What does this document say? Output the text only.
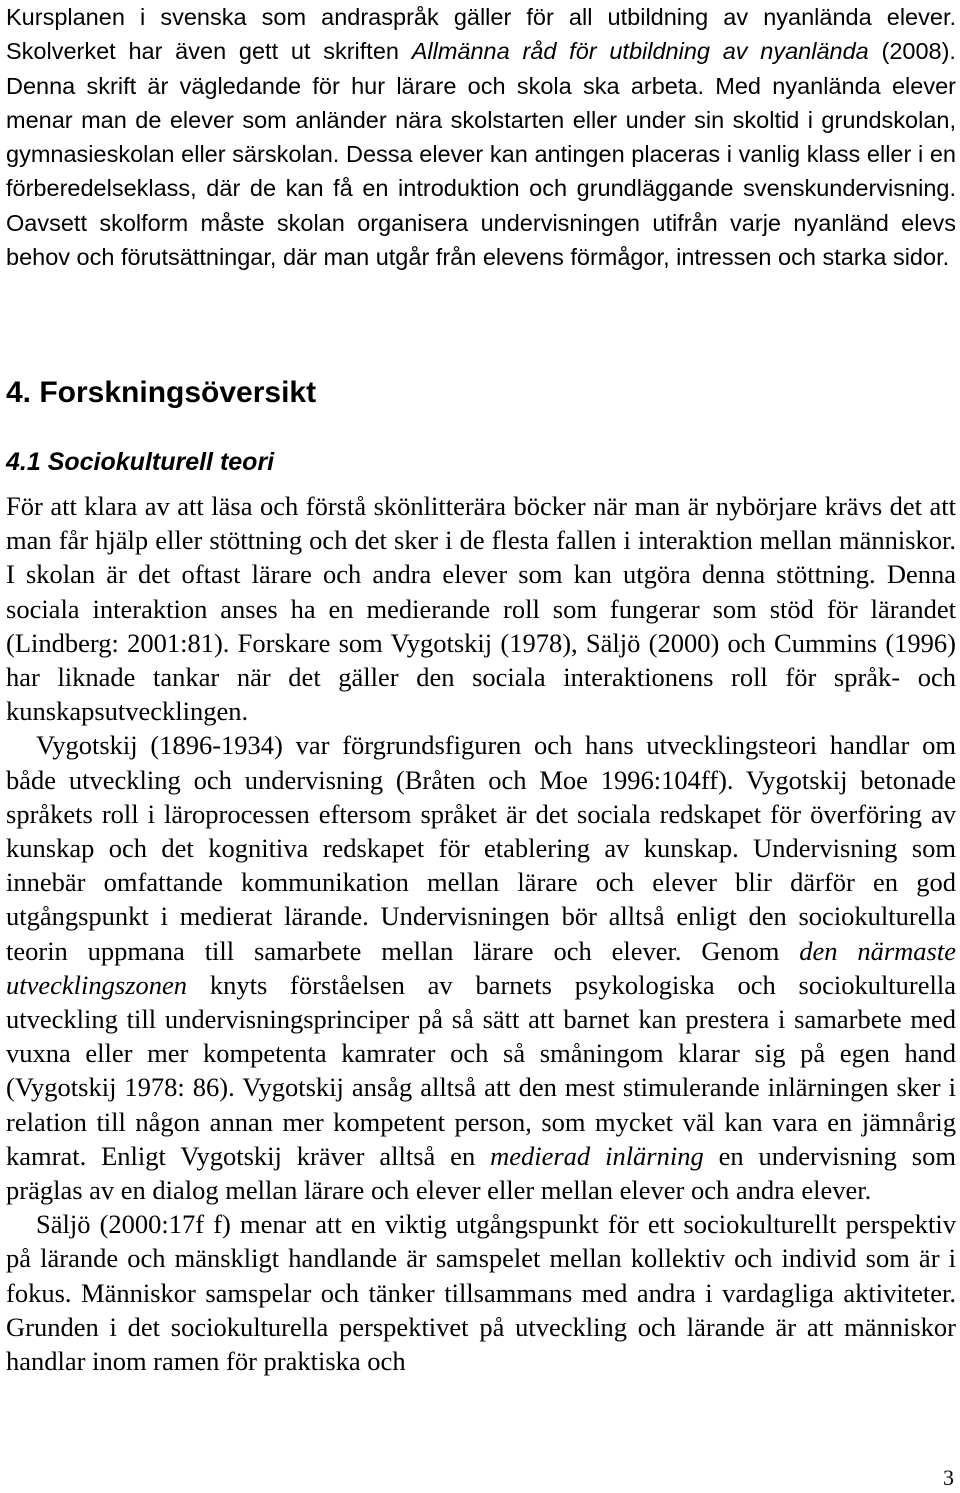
Kursplanen i svenska som andraspråk gäller för all utbildning av nyanlända elever. Skolverket har även gett ut skriften Allmänna råd för utbildning av nyanlända (2008). Denna skrift är vägledande för hur lärare och skola ska arbeta. Med nyanlända elever menar man de elever som anländer nära skolstarten eller under sin skoltid i grundskolan, gymnasieskolan eller särskolan. Dessa elever kan antingen placeras i vanlig klass eller i en förberedelseklass, där de kan få en introduktion och grundläggande svenskundervisning. Oavsett skolform måste skolan organisera undervisningen utifrån varje nyanländ elevs behov och förutsättningar, där man utgår från elevens förmågor, intressen och starka sidor.

4. Forskningsöversikt
4.1 Sociokulturell teori

För att klara av att läsa och förstå skönlitterära böcker när man är nybörjare krävs det att man får hjälp eller stöttning och det sker i de flesta fallen i interaktion mellan människor. I skolan är det oftast lärare och andra elever som kan utgöra denna stöttning. Denna sociala interaktion anses ha en medierande roll som fungerar som stöd för lärandet (Lindberg: 2001:81). Forskare som Vygotskij (1978), Säljö (2000) och Cummins (1996) har liknade tankar när det gäller den sociala interaktionens roll för språk- och kunskapsutvecklingen.

Vygotskij (1896-1934) var förgrundsfiguren och hans utvecklingsteori handlar om både utveckling och undervisning (Bråten och Moe 1996:104ff). Vygotskij betonade språkets roll i läroprocessen eftersom språket är det sociala redskapet för överföring av kunskap och det kognitiva redskapet för etablering av kunskap. Undervisning som innebär omfattande kommunikation mellan lärare och elever blir därför en god utgångspunkt i medierat lärande. Undervisningen bör alltså enligt den sociokulturella teorin uppmana till samarbete mellan lärare och elever. Genom den närmaste utvecklingszonen knyts förståelsen av barnets psykologiska och sociokulturella utveckling till undervisningsprinciper på så sätt att barnet kan prestera i samarbete med vuxna eller mer kompetenta kamrater och så småningom klarar sig på egen hand (Vygotskij 1978: 86). Vygotskij ansåg alltså att den mest stimulerande inlärningen sker i relation till någon annan mer kompetent person, som mycket väl kan vara en jämnårig kamrat. Enligt Vygotskij kräver alltså en medierad inlärning en undervisning som präglas av en dialog mellan lärare och elever eller mellan elever och andra elever.

Säljö (2000:17f f) menar att en viktig utgångspunkt för ett sociokulturellt perspektiv på lärande och mänskligt handlande är samspelet mellan kollektiv och individ som är i fokus. Människor samspelar och tänker tillsammans med andra i vardagliga aktiviteter. Grunden i det sociokulturella perspektivet på utveckling och lärande är att människor handlar inom ramen för praktiska och

3
